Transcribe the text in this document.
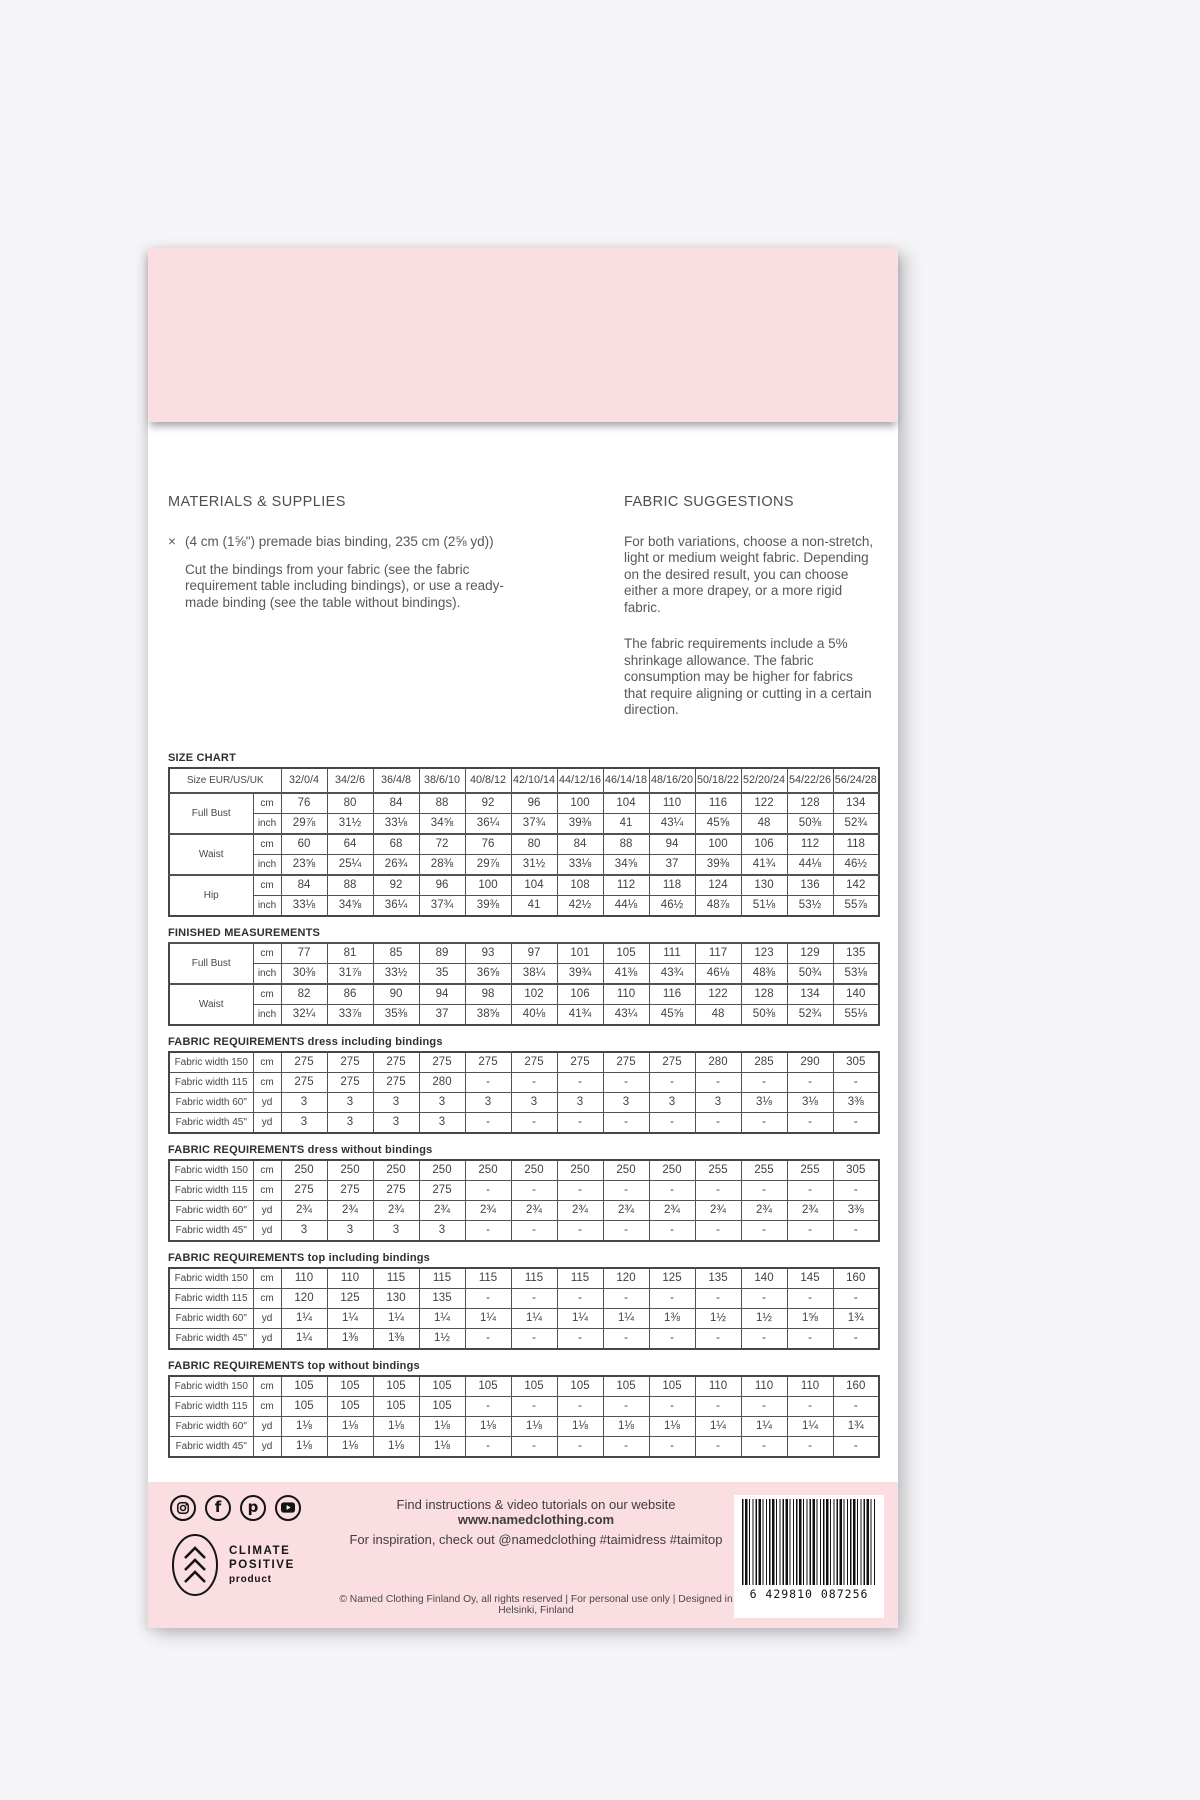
MATERIALS & SUPPLIES
× (4 cm (1⅝") premade bias binding, 235 cm (2⅝ yd))

Cut the bindings from your fabric (see the fabric requirement table including bindings), or use a ready-made binding (see the table without bindings).

FABRIC SUGGESTIONS

For both variations, choose a non-stretch, light or medium weight fabric. Depending on the desired result, you can choose either a more drapey, or a more rigid fabric.

The fabric requirements include a 5% shrinkage allowance. The fabric consumption may be higher for fabrics that require aligning or cutting in a certain direction.

SIZE CHART
Size EUR/US/UK		32/0/4	34/2/6	36/4/8	38/6/10	40/8/12	42/10/14	44/12/16	46/14/18	48/16/20	50/18/22	52/20/24	54/22/26	56/24/28
Full Bust	cm	76	80	84	88	92	96	100	104	110	116	122	128	134
	inch	29⅞	31½	33⅛	34⅝	36¼	37¾	39⅜	41	43¼	45⅝	48	50⅜	52¾
Waist	cm	60	64	68	72	76	80	84	88	94	100	106	112	118
	inch	23⅝	25¼	26¾	28⅜	29⅞	31½	33⅛	34⅝	37	39⅜	41¾	44⅛	46½
Hip	cm	84	88	92	96	100	104	108	112	118	124	130	136	142
	inch	33⅛	34⅝	36¼	37¾	39⅜	41	42½	44⅛	46½	48⅞	51⅛	53½	55⅞
FINISHED MEASUREMENTS
Full Bust	cm	77	81	85	89	93	97	101	105	111	117	123	129	135
	inch	30⅜	31⅞	33½	35	36⅝	38¼	39¾	41⅜	43¾	46⅛	48⅜	50¾	53⅛
Waist	cm	82	86	90	94	98	102	106	110	116	122	128	134	140
	inch	32¼	33⅞	35⅜	37	38⅝	40⅛	41¾	43¼	45⅝	48	50⅜	52¾	55⅛
FABRIC REQUIREMENTS dress including bindings
Fabric width 150	cm	275	275	275	275	275	275	275	275	275	280	285	290	305
Fabric width 115	cm	275	275	275	280	-	-	-	-	-	-	-	-	-
Fabric width 60"	yd	3	3	3	3	3	3	3	3	3	3	3⅛	3⅛	3⅜
Fabric width 45"	yd	3	3	3	3	-	-	-	-	-	-	-	-	-
FABRIC REQUIREMENTS dress without bindings
Fabric width 150	cm	250	250	250	250	250	250	250	250	250	255	255	255	305
Fabric width 115	cm	275	275	275	275	-	-	-	-	-	-	-	-	-
Fabric width 60"	yd	2¾	2¾	2¾	2¾	2¾	2¾	2¾	2¾	2¾	2¾	2¾	2¾	3⅜
Fabric width 45"	yd	3	3	3	3	-	-	-	-	-	-	-	-	-
FABRIC REQUIREMENTS top including bindings
Fabric width 150	cm	110	110	115	115	115	115	115	120	125	135	140	145	160
Fabric width 115	cm	120	125	130	135	-	-	-	-	-	-	-	-	-
Fabric width 60"	yd	1¼	1¼	1¼	1¼	1¼	1¼	1¼	1¼	1⅜	1½	1½	1⅝	1¾
Fabric width 45"	yd	1¼	1⅜	1⅜	1½	-	-	-	-	-	-	-	-	-
FABRIC REQUIREMENTS top without bindings
Fabric width 150	cm	105	105	105	105	105	105	105	105	105	110	110	110	160
Fabric width 115	cm	105	105	105	105	-	-	-	-	-	-	-	-	-
Fabric width 60"	yd	1⅛	1⅛	1⅛	1⅛	1⅛	1⅛	1⅛	1⅛	1⅛	1¼	1¼	1¼	1¾
Fabric width 45"	yd	1⅛	1⅛	1⅛	1⅛	-	-	-	-	-	-	-	-	-
f p
CLIMATE
POSITIVE
product
Find instructions & video tutorials on our website www.namedclothing.com
For inspiration, check out @namedclothing #taimidress #taimitop
© Named Clothing Finland Oy, all rights reserved | For personal use only | Designed in Helsinki, Finland
6 429810 087256
